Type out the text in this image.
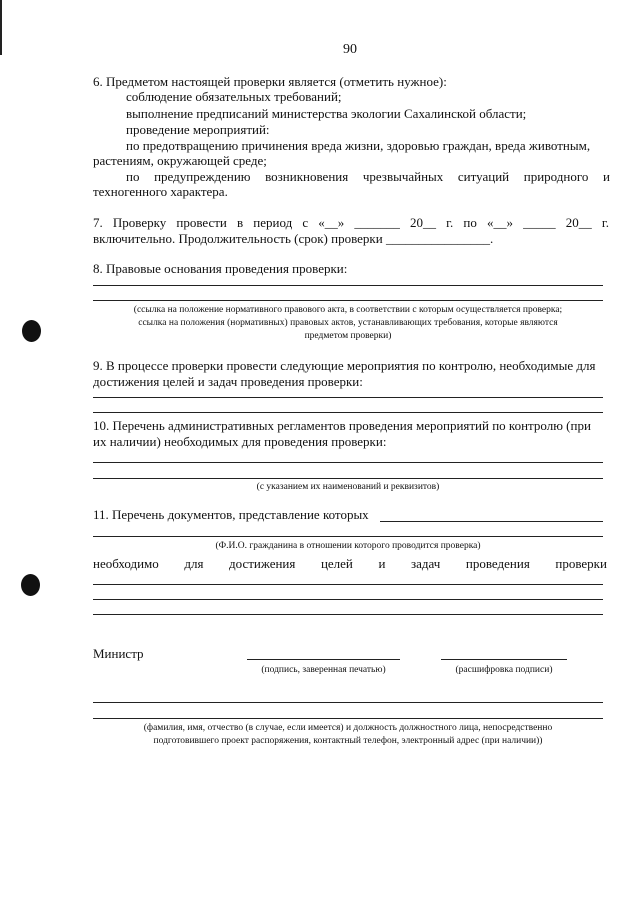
90
6. Предметом настоящей проверки является (отметить нужное):
соблюдение обязательных требований;
выполнение предписаний министерства экологии Сахалинской области;
проведение мероприятий:
по предотвращению причинения вреда жизни, здоровью граждан, вреда животным,
растениям, окружающей среде;
по предупреждению возникновения чрезвычайных ситуаций природного и
техногенного характера.
7. Проверку провести в период с «__» _______ 20__ г. по «__» _____ 20__ г.
включительно. Продолжительность (срок) проверки ________________.
8. Правовые основания проведения проверки:
(ссылка на положение нормативного правового акта, в соответствии с которым осуществляется проверка;
ссылка на положения (нормативных) правовых актов, устанавливающих требования, которые являются
предметом проверки)
9. В процессе проверки провести следующие мероприятия по контролю, необходимые для
достижения целей и задач проведения проверки:
10. Перечень административных регламентов проведения мероприятий по контролю (при
их наличии) необходимых для проведения проверки:
(с указанием их наименований и реквизитов)
11. Перечень документов, представление которых
(Ф.И.О. гражданина в отношении которого проводится проверка)
необходимо для достижения целей и задач проведения проверки
Министр
(подпись, заверенная печатью)	(расшифровка подписи)
(фамилия, имя, отчество (в случае, если имеется) и должность должностного лица, непосредственно
подготовившего проект распоряжения, контактный телефон, электронный адрес (при наличии))
